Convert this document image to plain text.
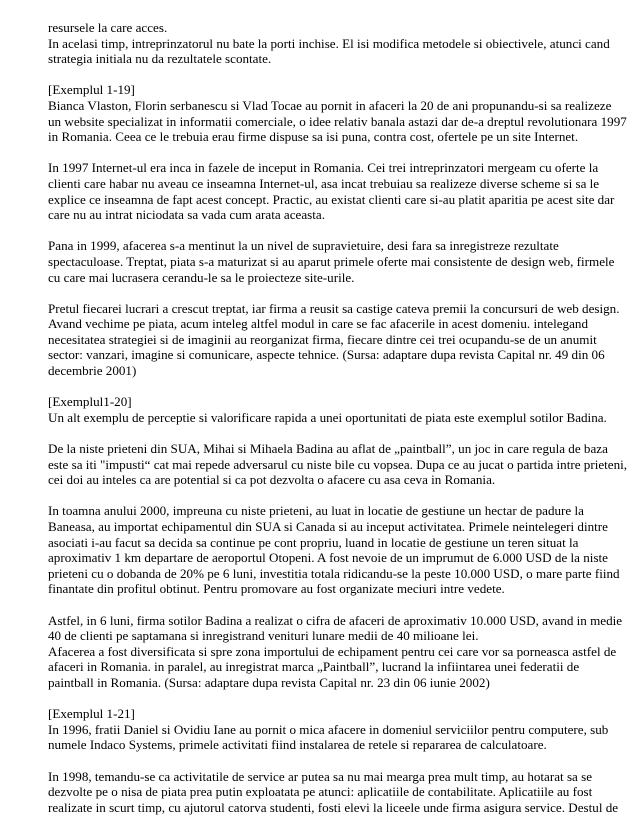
resursele la care acces.
In acelasi timp, intreprinzatorul nu bate la porti inchise. El isi modifica metodele si obiectivele, atunci cand
strategia initiala nu da rezultatele scontate.

[Exemplul 1-19]
Bianca Vlaston, Florin serbanescu si Vlad Tocae au pornit in afaceri la 20 de ani propunandu-si sa realizeze
un website specializat in informatii comerciale, o idee relativ banala astazi dar de-a dreptul revolutionara 1997
in Romania. Ceea ce le trebuia erau firme dispuse sa isi puna, contra cost, ofertele pe un site Internet.

In 1997 Internet-ul era inca in fazele de inceput in Romania. Cei trei intreprinzatori mergeam cu oferte la
clienti care habar nu aveau ce inseamna Internet-ul, asa incat trebuiau sa realizeze diverse scheme si sa le
explice ce inseamna de fapt acest concept. Practic, au existat clienti care si-au platit aparitia pe acest site dar
care nu au intrat niciodata sa vada cum arata aceasta.

Pana in 1999, afacerea s-a mentinut la un nivel de supravietuire, desi fara sa inregistreze rezultate
spectaculoase. Treptat, piata s-a maturizat si au aparut primele oferte mai consistente de design web, firmele
cu care mai lucrasera cerandu-le sa le proiecteze site-urile.

Pretul fiecarei lucrari a crescut treptat, iar firma a reusit sa castige cateva premii la concursuri de web design.
Avand vechime pe piata, acum inteleg altfel modul in care se fac afacerile in acest domeniu. intelegand
necesitatea strategiei si de imaginii au reorganizat firma, fiecare dintre cei trei ocupandu-se de un anumit
sector: vanzari, imagine si comunicare, aspecte tehnice. (Sursa: adaptare dupa revista Capital nr. 49 din 06
decembrie 2001)

[Exemplul1-20]
Un alt exemplu de perceptie si valorificare rapida a unei oportunitati de piata este exemplul sotilor Badina.

De la niste prieteni din SUA, Mihai si Mihaela Badina au aflat de „paintball”, un joc in care regula de baza
este sa iti "impusti“ cat mai repede adversarul cu niste bile cu vopsea. Dupa ce au jucat o partida intre prieteni,
cei doi au inteles ca are potential si ca pot dezvolta o afacere cu asa ceva in Romania.

In toamna anului 2000, impreuna cu niste prieteni, au luat in locatie de gestiune un hectar de padure la
Baneasa, au importat echipamentul din SUA si Canada si au inceput activitatea. Primele neintelegeri dintre
asociati i-au facut sa decida sa continue pe cont propriu, luand in locatie de gestiune un teren situat la
aproximativ 1 km departare de aeroportul Otopeni. A fost nevoie de un imprumut de 6.000 USD de la niste
prieteni cu o dobanda de 20% pe 6 luni, investitia totala ridicandu-se la peste 10.000 USD, o mare parte fiind
finantate din profitul obtinut. Pentru promovare au fost organizate meciuri intre vedete.

Astfel, in 6 luni, firma sotilor Badina a realizat o cifra de afaceri de aproximativ 10.000 USD, avand in medie
40 de clienti pe saptamana si inregistrand venituri lunare medii de 40 milioane lei.
Afacerea a fost diversificata si spre zona importului de echipament pentru cei care vor sa porneasca astfel de
afaceri in Romania. in paralel, au inregistrat marca „Paintball”, lucrand la infiintarea unei federatii de
paintball in Romania. (Sursa: adaptare dupa revista Capital nr. 23 din 06 iunie 2002)

[Exemplul 1-21]
In 1996, fratii Daniel si Ovidiu Iane au pornit o mica afacere in domeniul serviciilor pentru computere, sub
numele Indaco Systems, primele activitati fiind instalarea de retele si repararea de calculatoare.

In 1998, temandu-se ca activitatile de service ar putea sa nu mai mearga prea mult timp, au hotarat sa se
dezvolte pe o nisa de piata prea putin exploatata pe atunci: aplicatiile de contabilitate. Aplicatiile au fost
realizate in scurt timp, cu ajutorul catorva studenti, fosti elevi la liceele unde firma asigura service. Destul de
